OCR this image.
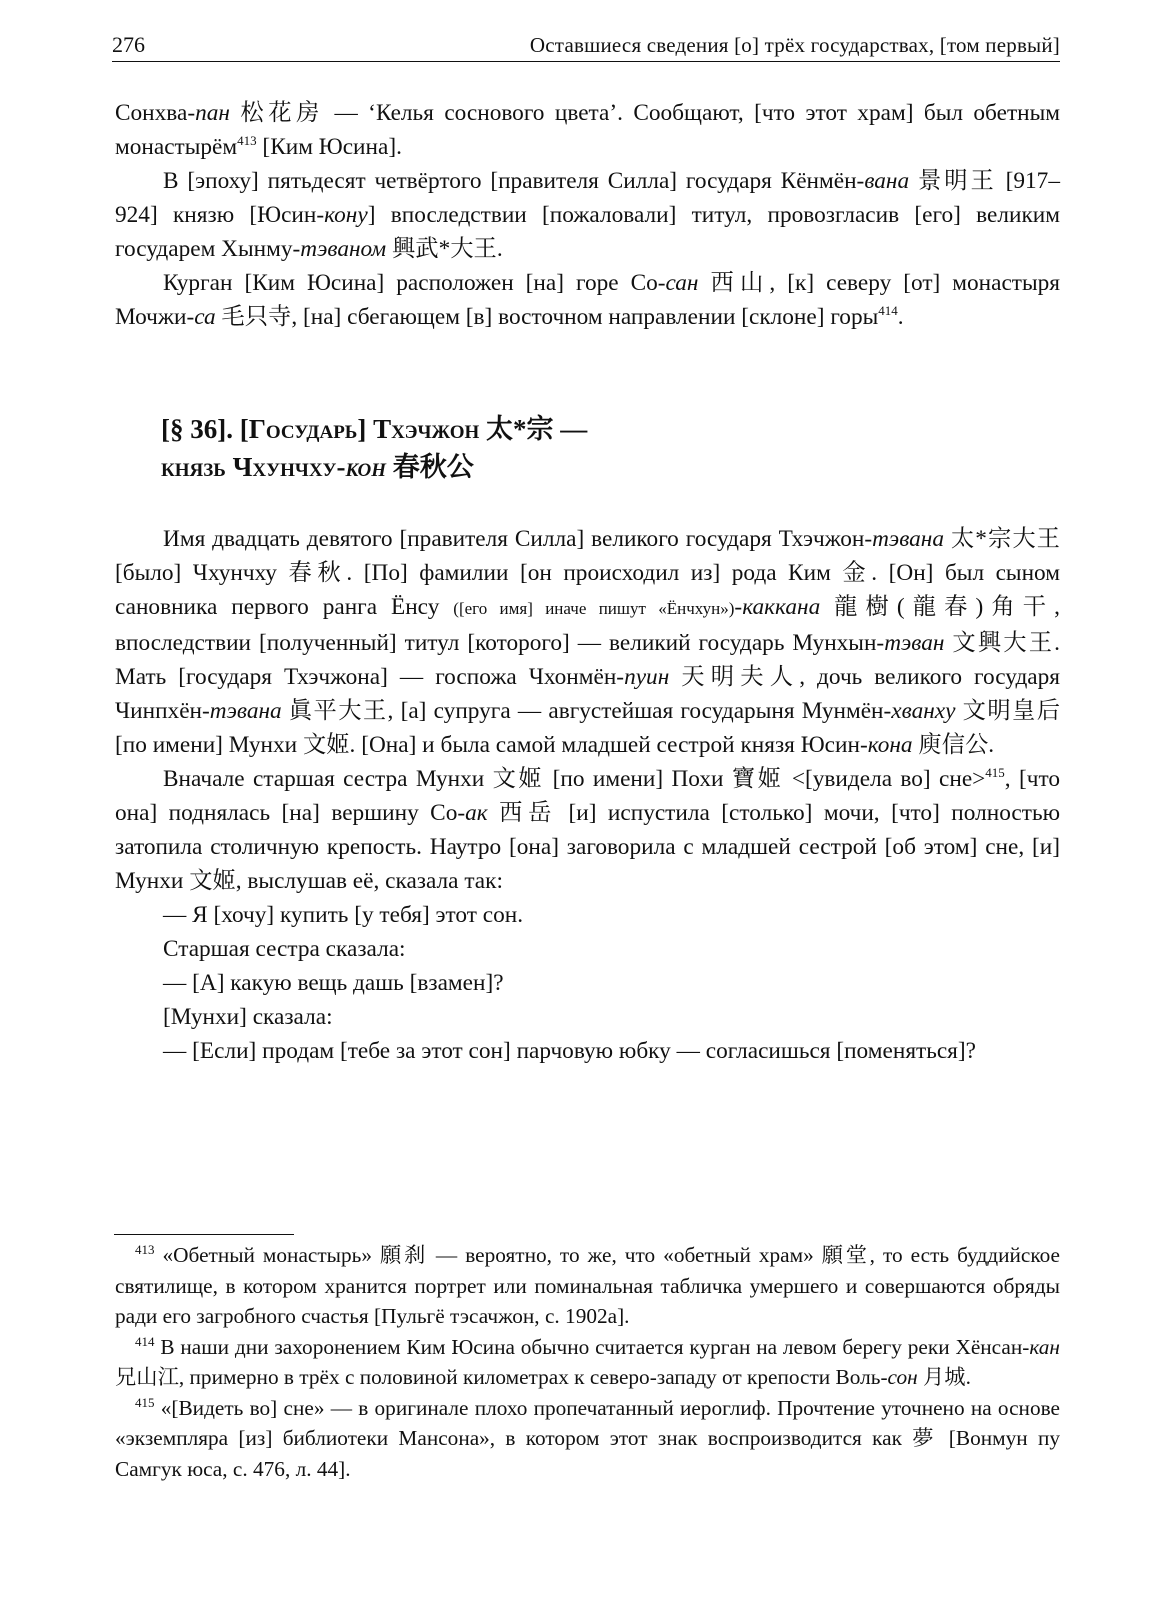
276	Оставшиеся сведения [о] трёх государствах, [том первый]

Сонхва-пан 松花房 — ‘Келья соснового цвета’. Сообщают, [что этот храм] был обетным монастырём$^{413}$ [Ким Юсина].

В [эпоху] пятьдесят четвёртого [правителя Силла] государя Кёнмён-вана 景明王 [917–924] князю [Юсин-кону] впоследствии [пожаловали] титул, провозгласив [его] великим государем Хынму-тэваном 興武*大王.

Курган [Ким Юсина] расположен [на] горе Со-сан 西山, [к] северу [от] монастыря Мочжи-са 毛只寺, [на] сбегающем [в] восточном направлении [склоне] горы$^{414}$.

[§ 36]. [Государь] Тхэчжон 太*宗 —
князь Чхунчху-кон 春秋公

Имя двадцать девятого [правителя Силла] великого государя Тхэчжон-тэвана 太*宗大王 [было] Чхунчху 春秋. [По] фамилии [он происходил из] рода Ким 金. [Он] был сыном сановника первого ранга Ёнсу ([его имя] иначе пишут «Ёнчхун»)-каккана 龍樹(龍春)角干, впоследствии [полученный] титул [которого] — великий государь Мунхын-тэван 文興大王. Мать [государя Тхэчжона] — госпожа Чхонмён-пуин 天明夫人, дочь великого государя Чинпхён-тэвана 眞平大王, [а] супруга — августейшая государыня Мунмён-хванху 文明皇后 [по имени] Мунхи 文姬. [Она] и была самой младшей сестрой князя Юсин-кона 庾信公.

Вначале старшая сестра Мунхи 文姬 [по имени] Похи 寶姬 <[увидела во] сне>$^{415}$, [что она] поднялась [на] вершину Со-ак 西岳 [и] испустила [столько] мочи, [что] полностью затопила столичную крепость. Наутро [она] заговорила с младшей сестрой [об этом] сне, [и] Мунхи 文姬, выслушав её, сказала так:

— Я [хочу] купить [у тебя] этот сон.

Старшая сестра сказала:

— [А] какую вещь дашь [взамен]?

[Мунхи] сказала:

— [Если] продам [тебе за этот сон] парчовую юбку — согласишься [поменяться]?

$^{413}$ «Обетный монастырь» 願刹 — вероятно, то же, что «обетный храм» 願堂, то есть буддийское святилище, в котором хранится портрет или поминальная табличка умершего и совершаются обряды ради его загробного счастья [Пульгё тэсачжон, с. 1902а].

$^{414}$ В наши дни захоронением Ким Юсина обычно считается курган на левом берегу реки Хёнсан-кан 兄山江, примерно в трёх с половиной километрах к северо-западу от крепости Воль-сон 月城.

$^{415}$ «[Видеть во] сне» — в оригинале плохо пропечатанный иероглиф. Прочтение уточнено на основе «экземпляра [из] библиотеки Мансона», в котором этот знак воспроизводится как 夢 [Вонмун пу Самгук юса, с. 476, л. 44].
